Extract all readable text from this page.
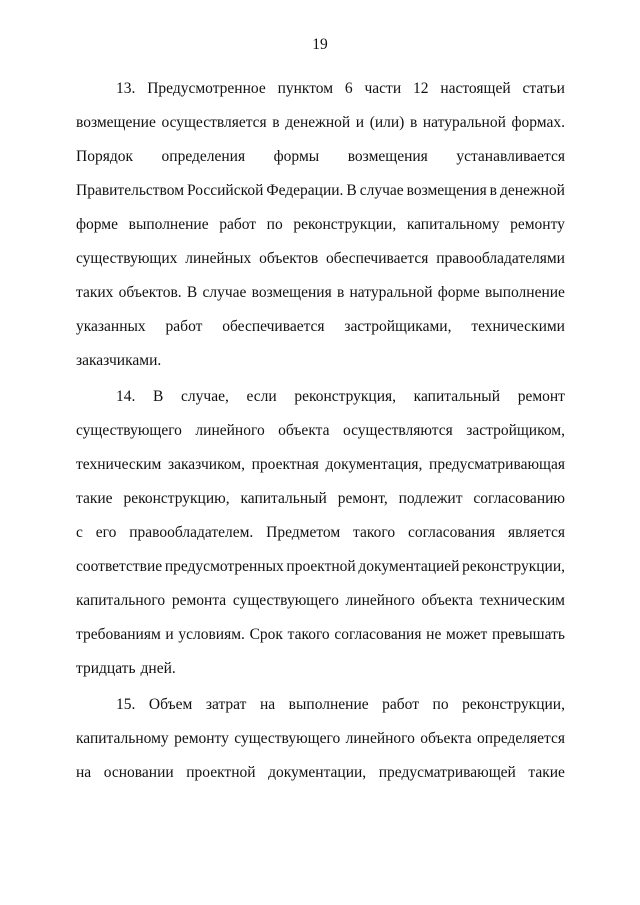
19
13. Предусмотренное пунктом 6 части 12 настоящей статьи
возмещение осуществляется в денежной и (или) в натуральной формах.
Порядок определения формы возмещения устанавливается
Правительством Российской Федерации. В случае возмещения в денежной
форме выполнение работ по реконструкции, капитальному ремонту
существующих линейных объектов обеспечивается правообладателями
таких объектов. В случае возмещения в натуральной форме выполнение
указанных работ обеспечивается застройщиками, техническими
заказчиками.
14. В случае, если реконструкция, капитальный ремонт
существующего линейного объекта осуществляются застройщиком,
техническим заказчиком, проектная документация, предусматривающая
такие реконструкцию, капитальный ремонт, подлежит согласованию
с его правообладателем. Предметом такого согласования является
соответствие предусмотренных проектной документацией реконструкции,
капитального ремонта существующего линейного объекта техническим
требованиям и условиям. Срок такого согласования не может превышать
тридцать дней.
15. Объем затрат на выполнение работ по реконструкции,
капитальному ремонту существующего линейного объекта определяется
на основании проектной документации, предусматривающей такие
